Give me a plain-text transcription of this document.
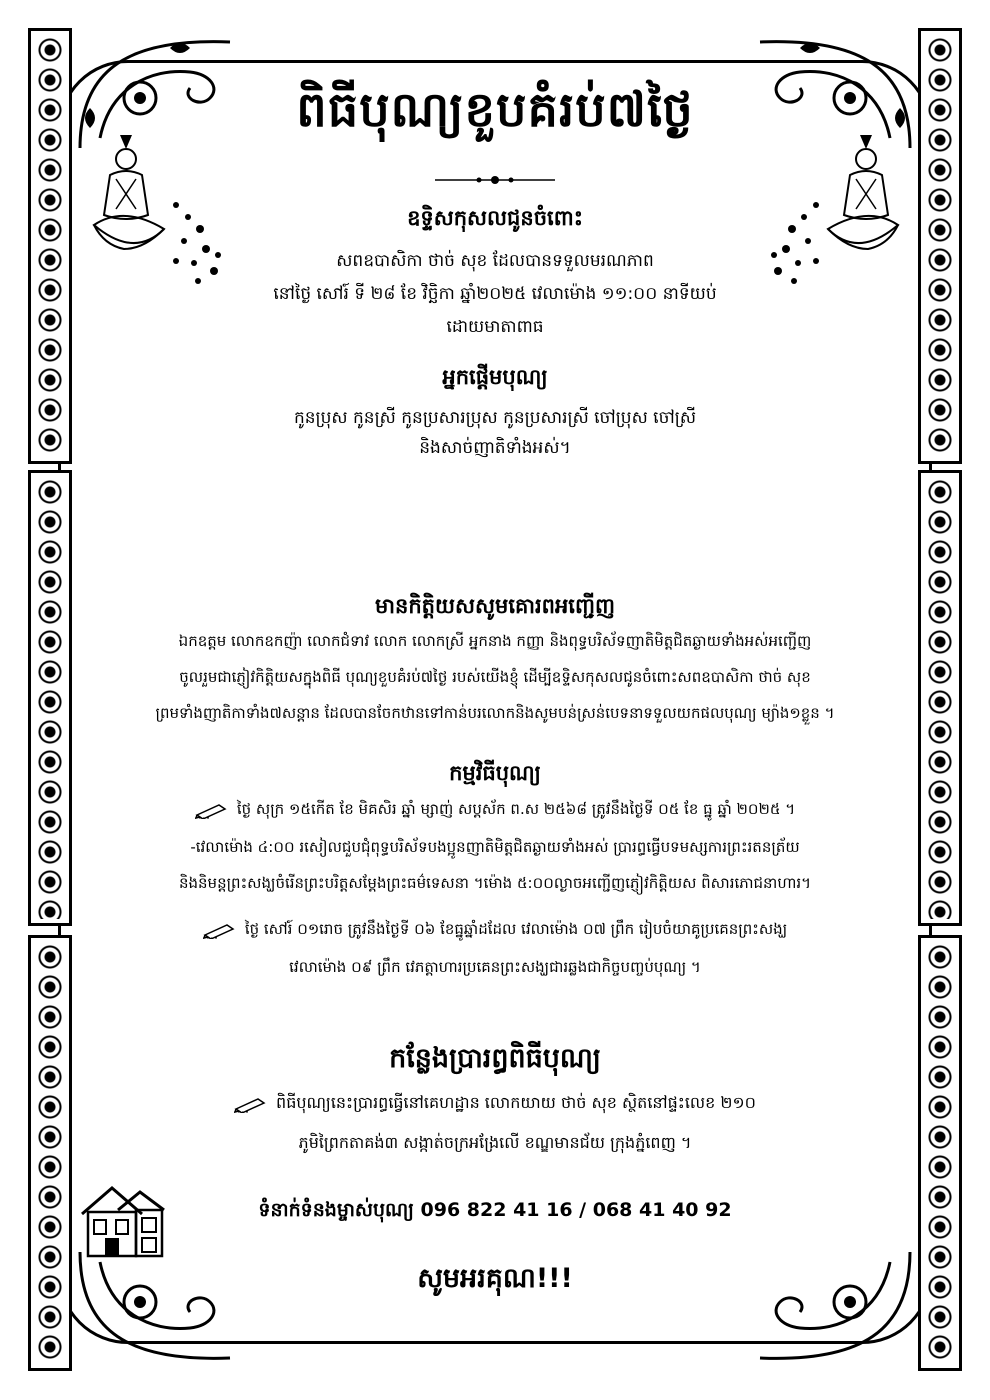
ពិធីបុណ្យខួបគំរប់៧ថ្ងៃ
ឧទ្ទិសកុសលជូនចំពោះ
សពឧបាសិកា ថាច់ សុខ ដែលបានទទួលមរណភាព
នៅថ្ងៃ សៅរ៍ ទី ២៨ ខែ វិច្ឆិកា ឆ្នាំ២០២៥ វេលាម៉ោង ១១:០០ នាទីយប់
ដោយមាតាពាធ
អ្នកផ្ដើមបុណ្យ
កូនប្រុស កូនស្រី កូនប្រសារប្រុស កូនប្រសារស្រី ចៅប្រុស ចៅស្រី
និងសាច់ញាតិទាំងអស់។
មានកិត្តិយសសូមគោរពអញ្ជើញ
ឯកឧត្តម លោកឧកញ៉ា លោកជំទាវ លោក លោកស្រី អ្នកនាង កញ្ញា និងពុទ្ធបរិស័ទញាតិមិត្តជិតឆ្ងាយទាំងអស់អញ្ជើញ
ចូលរួមជាភ្ញៀវកិត្តិយសក្នុងពិធី បុណ្យខួបគំរប់៧ថ្ងៃ របស់យើងខ្ញុំ ដើម្បីឧទ្ទិសកុសលជូនចំពោះសពឧបាសិកា ថាច់ សុខ
ព្រមទាំងញាតិកាទាំង៧សន្តាន ដែលបានចែកឋានទៅកាន់បរលោកនិងសូមបន់ស្រន់បេទនាទទួលយកផលបុណ្យ ម្យ៉ាង១ខ្លួន ។
កម្មវិធីបុណ្យ
ថ្ងៃ សុក្រ ១៥កើត ខែ មិគសិរ ឆ្នាំ ម្សាញ់ សប្តស័ក ព.ស ២៥៦៨ ត្រូវនឹងថ្ងៃទី ០៥ ខែ ធ្នូ ឆ្នាំ ២០២៥ ។
-វេលាម៉ោង ៤:០០ រសៀលជួបជុំពុទ្ធបរិស័ទបងប្អូនញាតិមិត្តជិតឆ្ងាយទាំងអស់ ប្រារព្ធធ្វើបទមស្សការព្រះរតនត្រ័យ
និងនិមន្តព្រះសង្ឃចំរើនព្រះបរិត្តសម្ដែងព្រះធម៌ទេសនា ។ម៉ោង ៥:០០ល្ងាចអញ្ជើញភ្ញៀវកិត្តិយស ពិសារភោជនាហារ។
ថ្ងៃ សៅរ៍ ០១រោច ត្រូវនឹងថ្ងៃទី ០៦ ខែធ្នូឆ្នាំដដែល វេលាម៉ោង ០៧ ព្រឹក រៀបចំយាគូប្រគេនព្រះសង្ឃ
វេលាម៉ោង ០៩ ព្រឹក វេភត្តាហារប្រគេនព្រះសង្ឃជារឆ្លងជាកិច្ចបញ្ចប់បុណ្យ ។
កន្លែងប្រារព្ធពិធីបុណ្យ
ពិធីបុណ្យនេះប្រារព្ធធ្វើនៅគេហដ្ឋាន លោកយាយ ថាច់ សុខ ស្ថិតនៅផ្ទះលេខ ២១០
ភូមិព្រៃកតាគង់៣ សង្កាត់ចក្រអង្រែលើ ខណ្ឌមានជ័យ ក្រុងភ្នំពេញ ។
ទំនាក់ទំនងម្ចាស់បុណ្យ 096 822 41 16 / 068 41 40 92
សូមអរគុណ!!!
